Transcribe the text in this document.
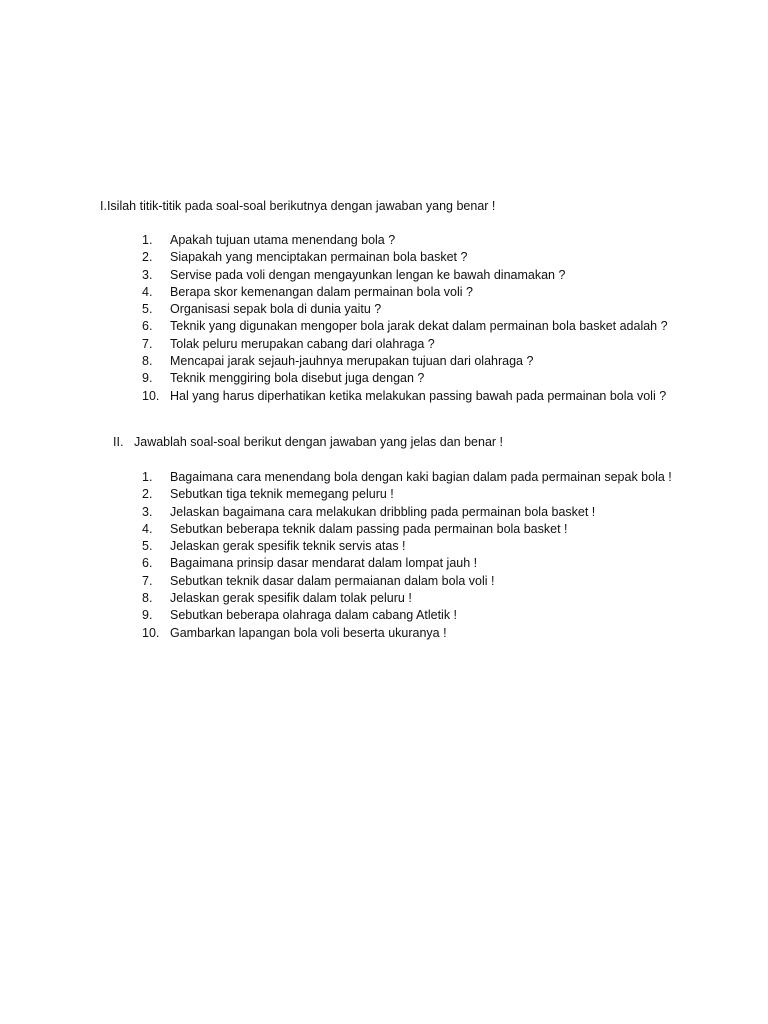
I.Isilah titik-titik pada soal-soal berikutnya dengan jawaban yang benar !
1. Apakah tujuan utama menendang bola ?
2. Siapakah yang menciptakan permainan bola basket ?
3. Servise pada voli dengan mengayunkan lengan ke bawah dinamakan ?
4. Berapa skor kemenangan dalam permainan bola voli ?
5. Organisasi sepak bola di dunia yaitu ?
6. Teknik yang digunakan mengoper bola jarak dekat dalam permainan bola basket adalah ?
7. Tolak peluru merupakan cabang dari olahraga ?
8. Mencapai jarak sejauh-jauhnya merupakan tujuan dari olahraga ?
9. Teknik menggiring bola disebut juga dengan ?
10. Hal yang harus diperhatikan ketika melakukan passing bawah pada permainan bola voli ?
II. Jawablah soal-soal berikut dengan jawaban yang jelas dan benar !
1. Bagaimana cara menendang bola dengan kaki bagian dalam pada permainan sepak bola !
2. Sebutkan tiga teknik memegang peluru !
3. Jelaskan bagaimana cara melakukan dribbling pada permainan bola basket !
4. Sebutkan beberapa teknik dalam passing pada permainan bola basket !
5. Jelaskan gerak spesifik teknik servis atas !
6. Bagaimana prinsip dasar mendarat dalam lompat jauh !
7. Sebutkan teknik dasar dalam permaianan dalam bola voli !
8. Jelaskan gerak spesifik dalam tolak peluru !
9. Sebutkan beberapa olahraga dalam cabang Atletik !
10. Gambarkan lapangan bola voli beserta ukuranya !
